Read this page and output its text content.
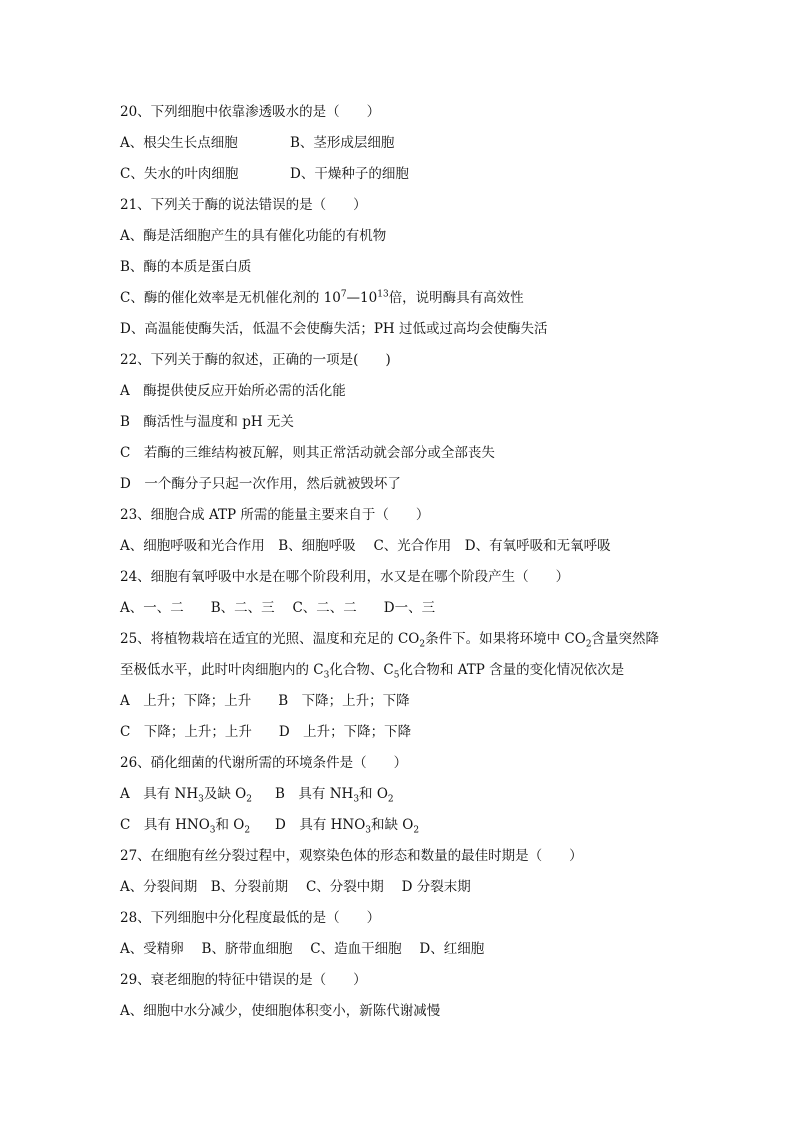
20、下列细胞中依靠渗透吸水的是（　　）
A、根尖生长点细胞	B、茎形成层细胞
C、失水的叶肉细胞	D、干燥种子的细胞
21、下列关于酶的说法错误的是（　　）
A、酶是活细胞产生的具有催化功能的有机物
B、酶的本质是蛋白质
C、酶的催化效率是无机催化剂的 $10^7—10^{13}$倍，说明酶具有高效性
D、高温能使酶失活，低温不会使酶失活；PH 过低或过高均会使酶失活
22、下列关于酶的叙述，正确的一项是(　　)
A　酶提供使反应开始所必需的活化能
B　酶活性与温度和 pH 无关
C　若酶的三维结构被瓦解，则其正常活动就会部分或全部丧失
D　一个酶分子只起一次作用，然后就被毁坏了
23、细胞合成 ATP 所需的能量主要来自于（　　）
A、细胞呼吸和光合作用　B、细胞呼吸　 C、光合作用　D、有氧呼吸和无氧呼吸
24、细胞有氧呼吸中水是在哪个阶段利用，水又是在哪个阶段产生（　　）
A、一、二　　B、二、三　 C、二、二　　D一、三
25、将植物栽培在适宜的光照、温度和充足的 $CO_2$条件下。如果将环境中 $CO_2$含量突然降
至极低水平，此时叶肉细胞内的 $C_3$化合物、$C_5$化合物和 ATP 含量的变化情况依次是
A　上升；下降；上升　　B　下降；上升；下降
C　下降；上升；上升　　D　上升；下降；下降
26、硝化细菌的代谢所需的环境条件是（　　）
A　具有 $NH_3$及缺 $O_2$ B　具有 $NH_3$和 $O_2$
C　具有 $HNO_3$和 $O_2$ D　具有 $HNO_3$和缺 $O_2$
27、在细胞有丝分裂过程中，观察染色体的形态和数量的最佳时期是（　　）
A、分裂间期　B、分裂前期　 C、分裂中期　 D 分裂末期
28、下列细胞中分化程度最低的是（　　）
A、受精卵　 B、脐带血细胞　 C、造血干细胞　 D、红细胞
29、衰老细胞的特征中错误的是（　　）
A、细胞中水分减少，使细胞体积变小，新陈代谢减慢
